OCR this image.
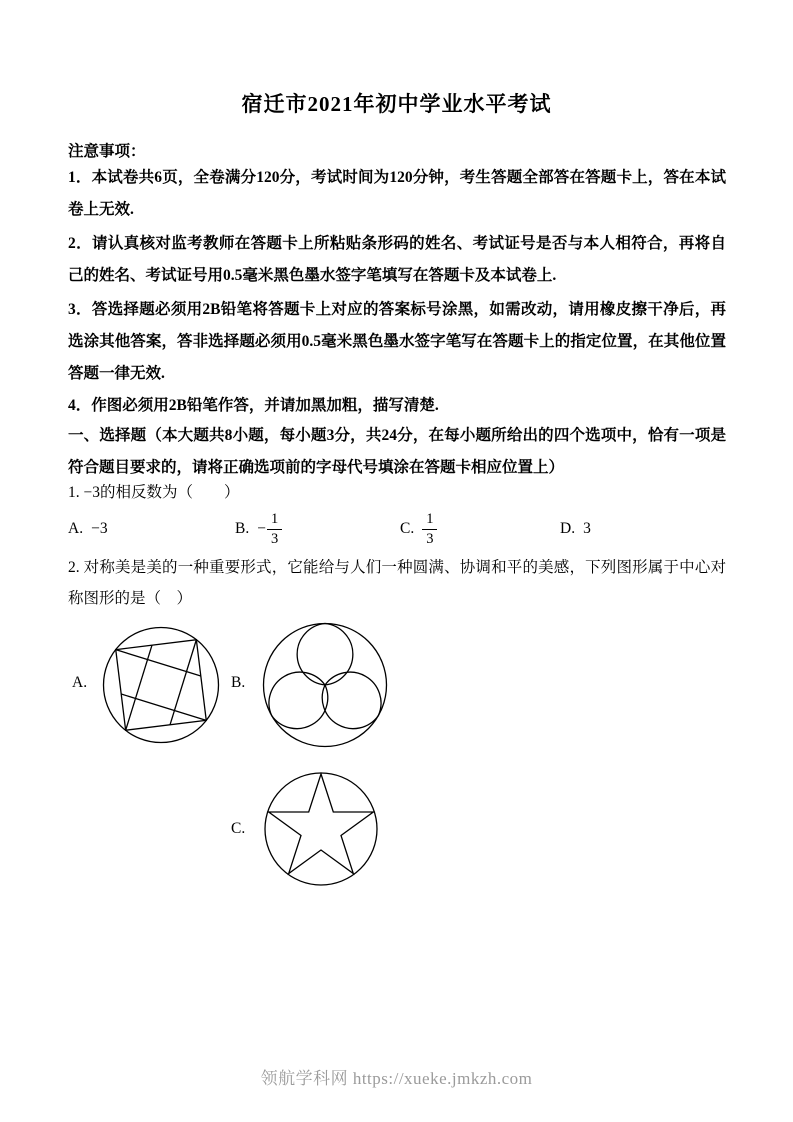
宿迁市2021年初中学业水平考试

注意事项：

1．本试卷共6页，全卷满分120分，考试时间为120分钟，考生答题全部答在答题卡上，答在本试卷上无效.

2．请认真核对监考教师在答题卡上所粘贴条形码的姓名、考试证号是否与本人相符合，再将自己的姓名、考试证号用0.5毫米黑色墨水签字笔填写在答题卡及本试卷上.

3．答选择题必须用2B铅笔将答题卡上对应的答案标号涂黑，如需改动，请用橡皮擦干净后，再选涂其他答案，答非选择题必须用0.5毫米黑色墨水签字笔写在答题卡上的指定位置，在其他位置答题一律无效.

4．作图必须用2B铅笔作答，并请加黑加粗，描写清楚.

一、选择题（本大题共8小题，每小题3分，共24分，在每小题所给出的四个选项中，恰有一项是符合题目要求的，请将正确选项前的字母代号填涂在答题卡相应位置上）

1. −3的相反数为（　　）

A. −3	B. − $\frac{1}{3}$	C. $\frac{1}{3}$	D. 3

2. 对称美是美的一种重要形式，它能给与人们一种圆满、协调和平的美感，下列图形属于中心对称图形的是（　）

A.	B.
C.
领航学科网 https://xueke.jmkzh.com
